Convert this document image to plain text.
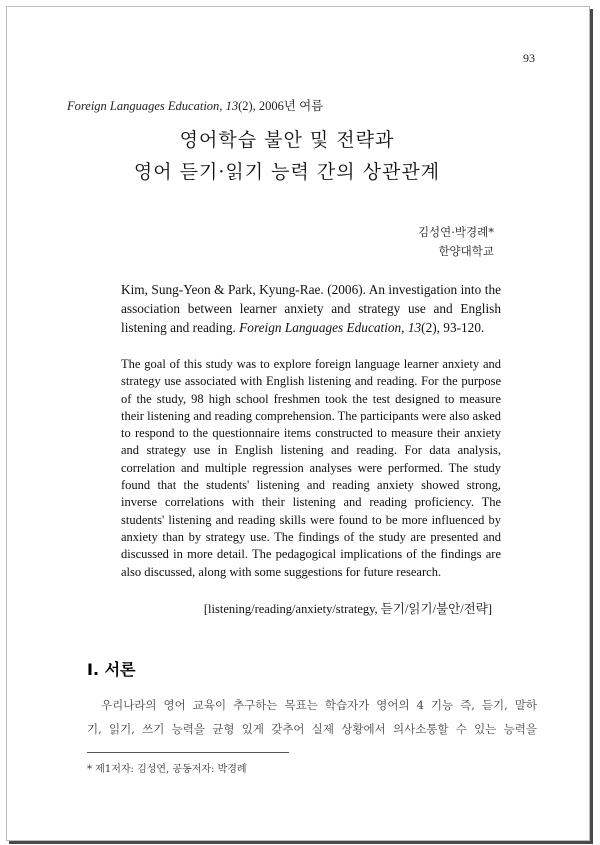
93
Foreign Languages Education, 13(2), 2006년 여름
영어학습 불안 및 전략과
영어 듣기·읽기 능력 간의 상관관계
김성연·박경례*
한양대학교
Kim, Sung-Yeon & Park, Kyung-Rae. (2006). An investigation into the association between learner anxiety and strategy use and English listening and reading. Foreign Languages Education, 13(2), 93-120.

The goal of this study was to explore foreign language learner anxiety and strategy use associated with English listening and reading. For the purpose of the study, 98 high school freshmen took the test designed to measure their listening and reading comprehension. The participants were also asked to respond to the questionnaire items constructed to measure their anxiety and strategy use in English listening and reading. For data analysis, correlation and multiple regression analyses were performed. The study found that the students' listening and reading anxiety showed strong, inverse correlations with their listening and reading proficiency. The students' listening and reading skills were found to be more influenced by anxiety than by strategy use. The findings of the study are presented and discussed in more detail. The pedagogical implications of the findings are also discussed, along with some suggestions for future research.

[listening/reading/anxiety/strategy, 듣기/읽기/불안/전략]
Ⅰ. 서론
우리나라의 영어 교육이 추구하는 목표는 학습자가 영어의 4 기능 즉, 듣기, 말하
기, 읽기, 쓰기 능력을 균형 있게 갖추어 실제 상황에서 의사소통할 수 있는 능력을
* 제1저자: 김성연, 공동저자: 박경례
